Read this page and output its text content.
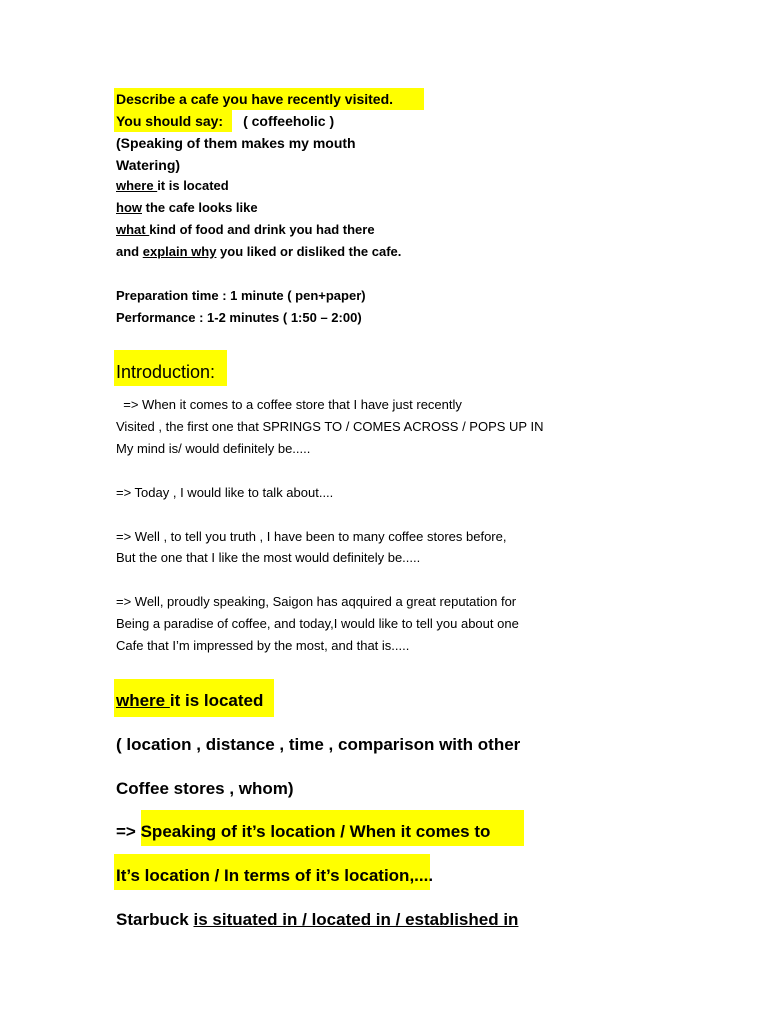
Describe a cafe you have recently visited.
You should say: ( coffeeholic )
(Speaking of them makes my mouth
Watering)
where it is located
how the cafe looks like
what kind of food and drink you had there
and explain why you liked or disliked the cafe.
Preparation time : 1 minute ( pen+paper)
Performance : 1-2 minutes ( 1:50 – 2:00)
Introduction:
=> When it comes to a coffee store that I have just recently
Visited , the first one that SPRINGS TO / COMES ACROSS / POPS UP IN
My mind is/ would definitely be.....
=> Today , I would like to talk about....
=> Well , to tell you truth , I have been to many coffee stores before,
But the one that I like the most would definitely be.....
=> Well, proudly speaking, Saigon has aqquired a great reputation for
Being a paradise of coffee, and today,I would like to tell you about one
Cafe that I’m impressed by the most, and that is.....
where it is located
( location , distance , time , comparison with other
Coffee stores , whom)
=> Speaking of it’s location / When it comes to
It’s location / In terms of it’s location,....
Starbuck is situated in / located in / established in
